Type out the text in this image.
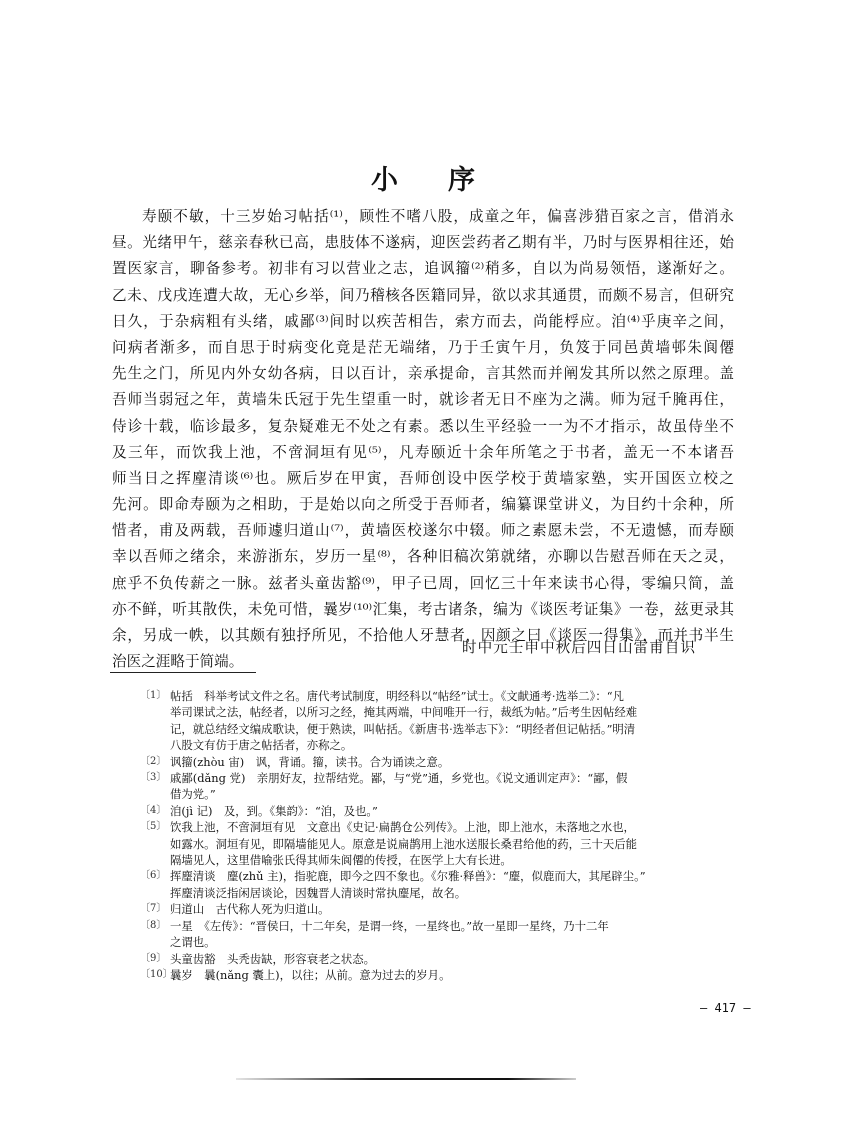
小序
寿颐不敏，十三岁始习帖括⁽¹⁾，顾性不嗜八股，成童之年，偏喜涉猎百家之言，借消永
昼。光绪甲午，慈亲春秋已高，患肢体不遂病，迎医尝药者乙期有半，乃时与医界相往还，始
置医家言，聊备参考。初非有习以营业之志，追讽籀⁽²⁾稍多，自以为尚易领悟，遂渐好之。
乙未、戊戌连遭大故，无心乡举，间乃稽核各医籍同异，欲以求其通贯，而颇不易言，但研究
日久，于杂病粗有头绪，戚鄙⁽³⁾间时以疾苦相告，索方而去，尚能桴应。洎⁽⁴⁾乎庚辛之间，
问病者渐多，而自思于时病变化竟是茫无端绪，乃于壬寅午月，负笈于同邑黄墙邨朱阆僊
先生之门，所见内外女幼各病，日以百计，亲承提命，言其然而并阐发其所以然之原理。盖
吾师当弱冠之年，黄墙朱氏冠于先生望重一时，就诊者无日不座为之满。师为冠千腌再住，
侍诊十载，临诊最多，复杂疑难无不处之有素。悉以生平经验一一为不才指示，故虽侍坐不
及三年，而饮我上池，不啻洞垣有见⁽⁵⁾，凡寿颐近十余年所笔之于书者，盖无一不本诸吾
师当日之挥麈清谈⁽⁶⁾也。厥后岁在甲寅，吾师创设中医学校于黄墙家塾，实开国医立校之
先河。即命寿颐为之相助，于是始以向之所受于吾师者，编纂课堂讲义，为目约十余种，所
惜者，甫及两载，吾师遽归道山⁽⁷⁾，黄墙医校遂尔中辍。师之素愿未尝，不无遗憾，而寿颐
幸以吾师之绪余，来游浙东，岁历一星⁽⁸⁾，各种旧稿次第就绪，亦聊以告慰吾师在天之灵，
庶乎不负传薪之一脉。兹者头童齿豁⁽⁹⁾，甲子已周，回忆三十年来读书心得，零编只简，盖
亦不鲜，听其散佚，未免可惜，曩岁⁽¹⁰⁾汇集，考古诸条，编为《谈医考证集》一卷，兹更录其
余，另成一帙，以其颇有独抒所见，不拾他人牙慧者，因颜之曰《谈医一得集》，而并书半生
治医之涯略于简端。
时中元壬申中秋后四日山雷甫自识
〔1〕 帖括　科举考试文件之名。唐代考试制度，明经科以“帖经”试士。《文献通考·选举二》：“凡
举司课试之法，帖经者，以所习之经，掩其两端，中间唯开一行，裁纸为帖。”后考生因帖经难
记，就总结经文编成歌诀，便于熟读，叫帖括。《新唐书·选举志下》：“明经者但记帖括。”明清
八股文有仿于唐之帖括者，亦称之。
〔2〕 讽籀(zhòu 宙)　讽，背诵。籀，读书。合为诵读之意。
〔3〕 戚鄙(dǎng 党)　亲朋好友，拉帮结党。鄙，与“党”通，乡党也。《说文通训定声》：“鄙，假
借为党。”
〔4〕 洎(jì 记)　及，到。《集韵》：“洎，及也。”
〔5〕 饮我上池，不啻洞垣有见　文意出《史记·扁鹊仓公列传》。上池，即上池水，未落地之水也，
如露水。洞垣有见，即隔墙能见人。原意是说扁鹊用上池水送服长桑君给他的药，三十天后能
隔墙见人，这里借喻张氏得其师朱阆僊的传授，在医学上大有长进。
〔6〕 挥麈清谈　麈(zhǔ 主)，指驼鹿，即今之四不象也。《尔雅·释兽》：“麈，似鹿而大，其尾辟尘。”
挥麈清谈泛指闲居谈论，因魏晋人清谈时常执麈尾，故名。
〔7〕 归道山　古代称人死为归道山。
〔8〕 一星　《左传》：“晋侯曰，十二年矣，是谓一终，一星终也。”故一星即一星终，乃十二年
之谓也。
〔9〕 头童齿豁　头秃齿缺，形容衰老之状态。
〔10〕
曩岁　曩(nǎng 囊上)，以往；从前。意为过去的岁月。
— 417 —
